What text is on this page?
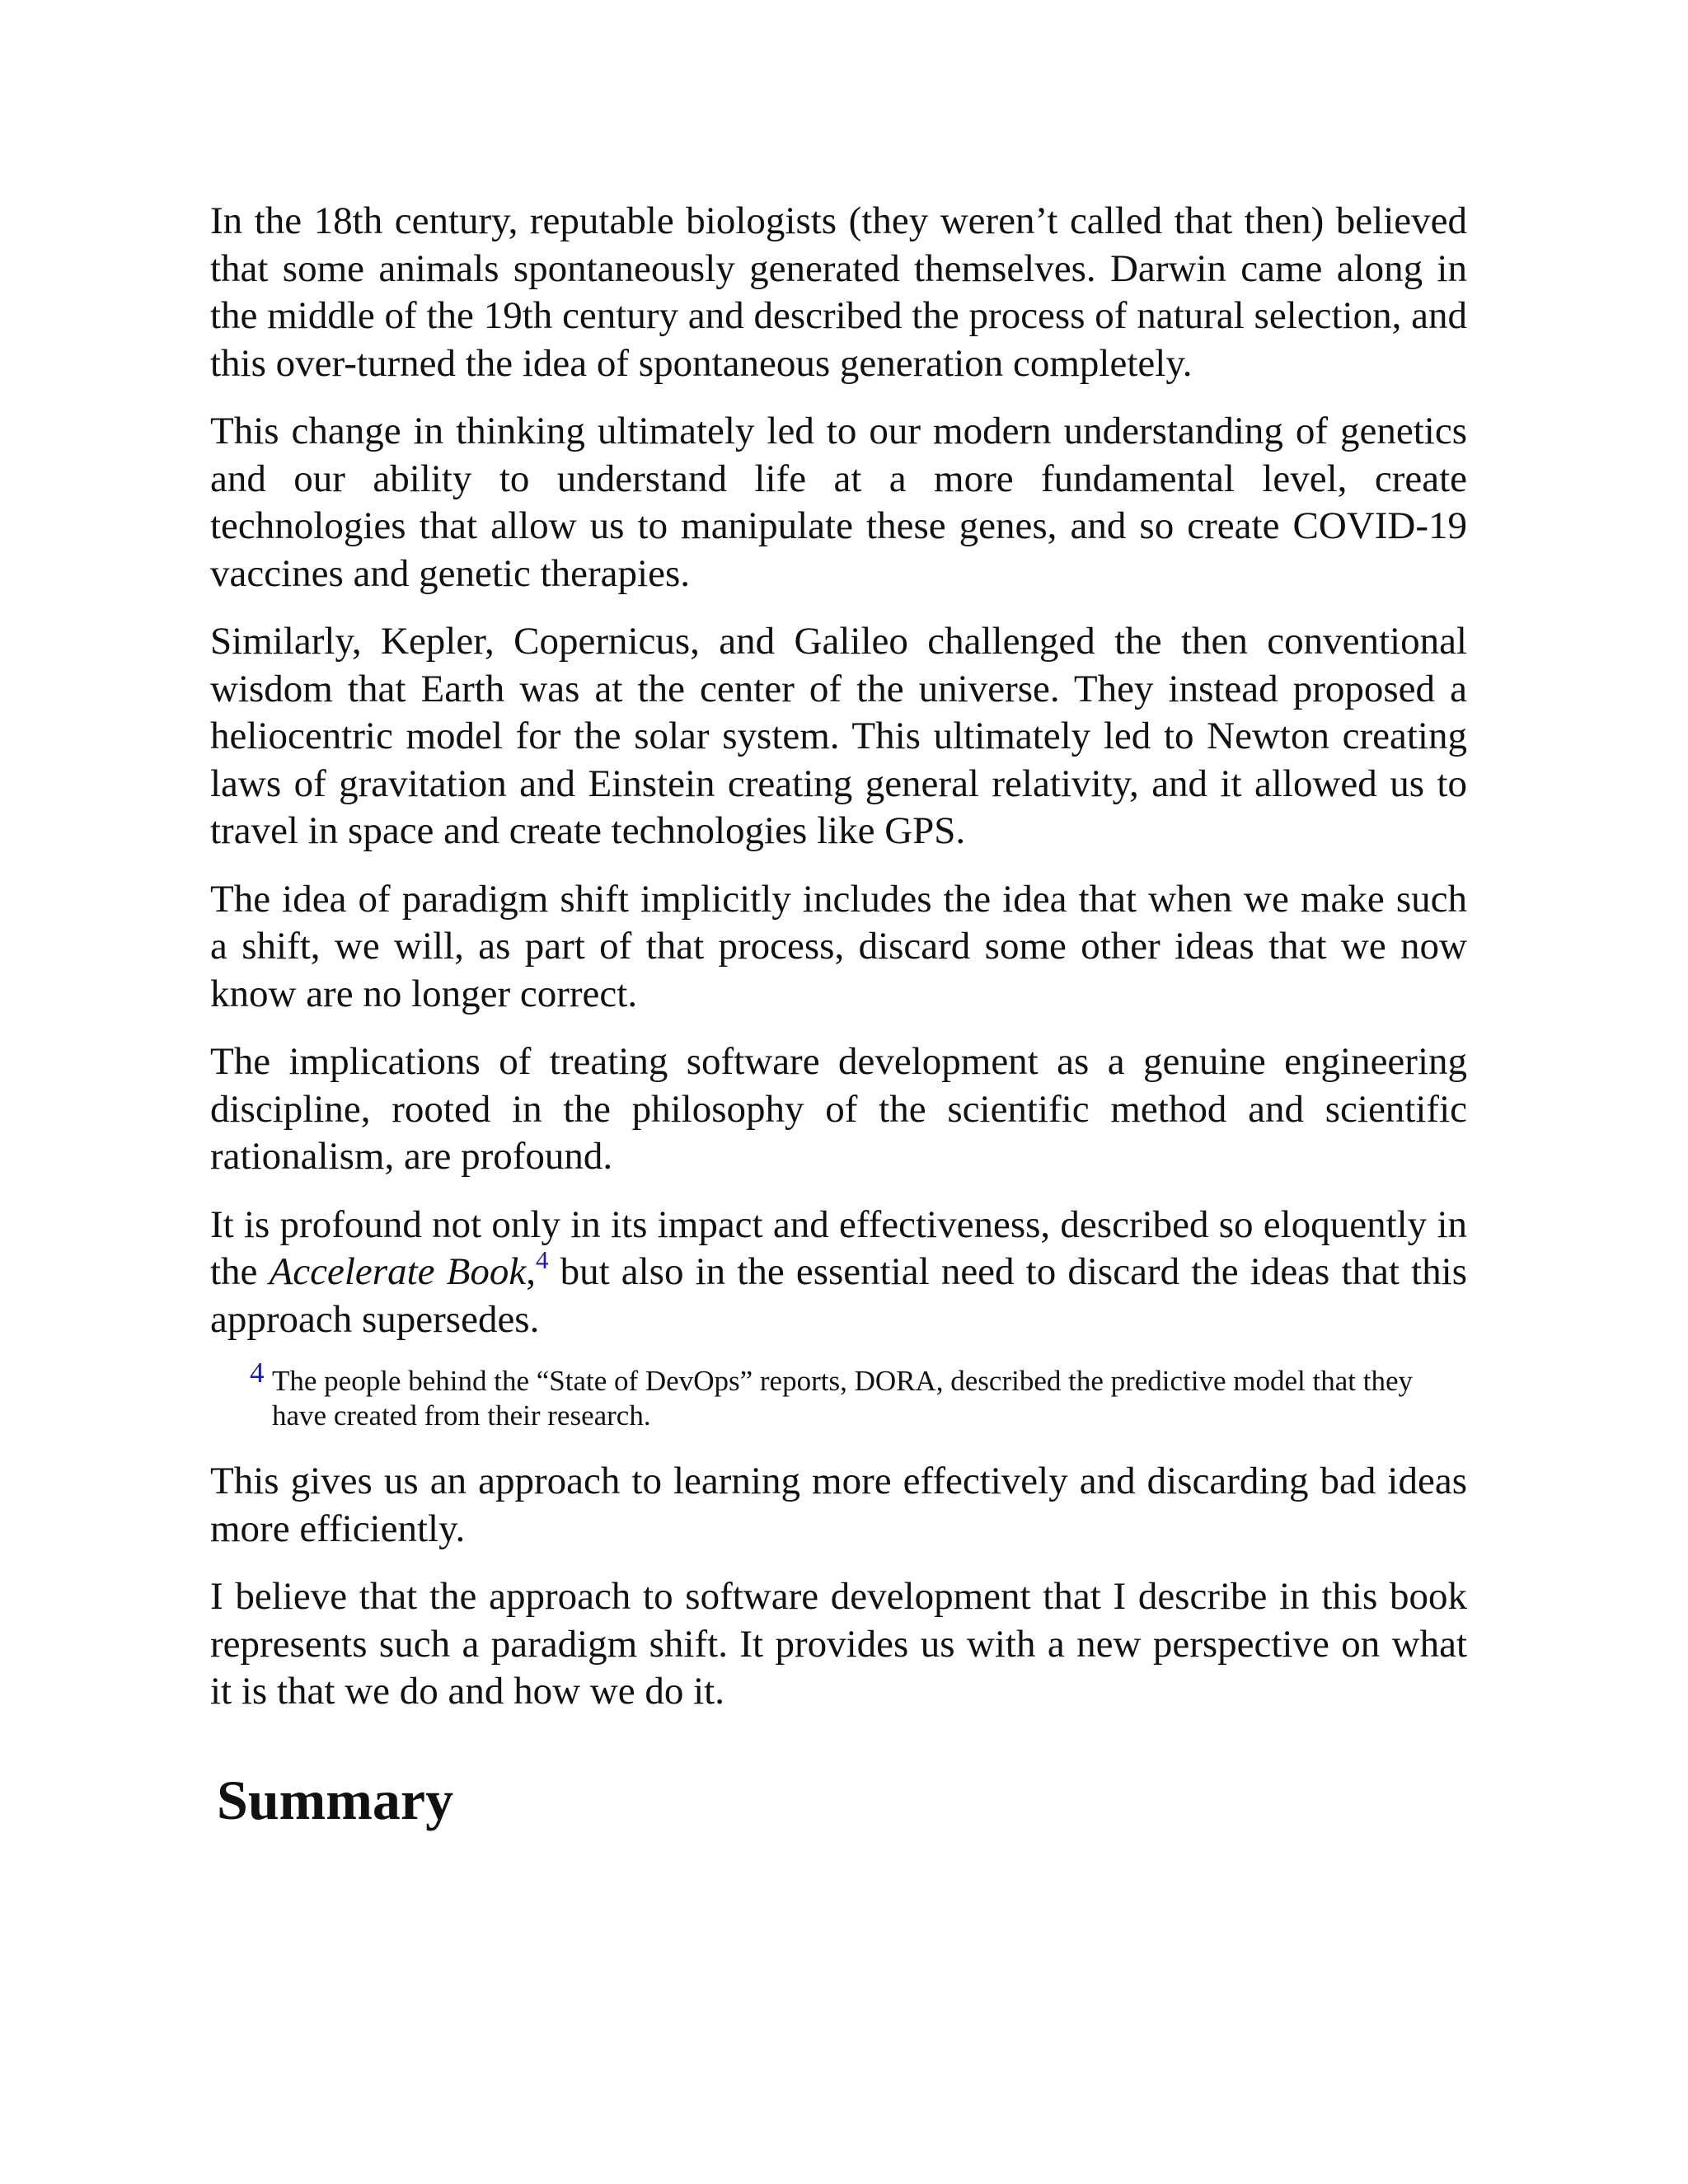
In the 18th century, reputable biologists (they weren’t called that then) believed that some animals spontaneously generated themselves. Darwin came along in the middle of the 19th century and described the process of natural selection, and this over-turned the idea of spontaneous generation completely.

This change in thinking ultimately led to our modern understanding of genetics and our ability to understand life at a more fundamental level, create technologies that allow us to manipulate these genes, and so create COVID-19 vaccines and genetic therapies.

Similarly, Kepler, Copernicus, and Galileo challenged the then conventional wisdom that Earth was at the center of the universe. They instead proposed a heliocentric model for the solar system. This ultimately led to Newton creating laws of gravitation and Einstein creating general relativity, and it allowed us to travel in space and create technologies like GPS.

The idea of paradigm shift implicitly includes the idea that when we make such a shift, we will, as part of that process, discard some other ideas that we now know are no longer correct.

The implications of treating software development as a genuine engineering discipline, rooted in the philosophy of the scientific method and scientific rationalism, are profound.

It is profound not only in its impact and effectiveness, described so eloquently in the Accelerate Book,$^4$ but also in the essential need to discard the ideas that this approach supersedes.

4 The people behind the “State of DevOps” reports, DORA, described the predictive model that they have created from their research.

This gives us an approach to learning more effectively and discarding bad ideas more efficiently.

I believe that the approach to software development that I describe in this book represents such a paradigm shift. It provides us with a new perspective on what it is that we do and how we do it.

Summary
